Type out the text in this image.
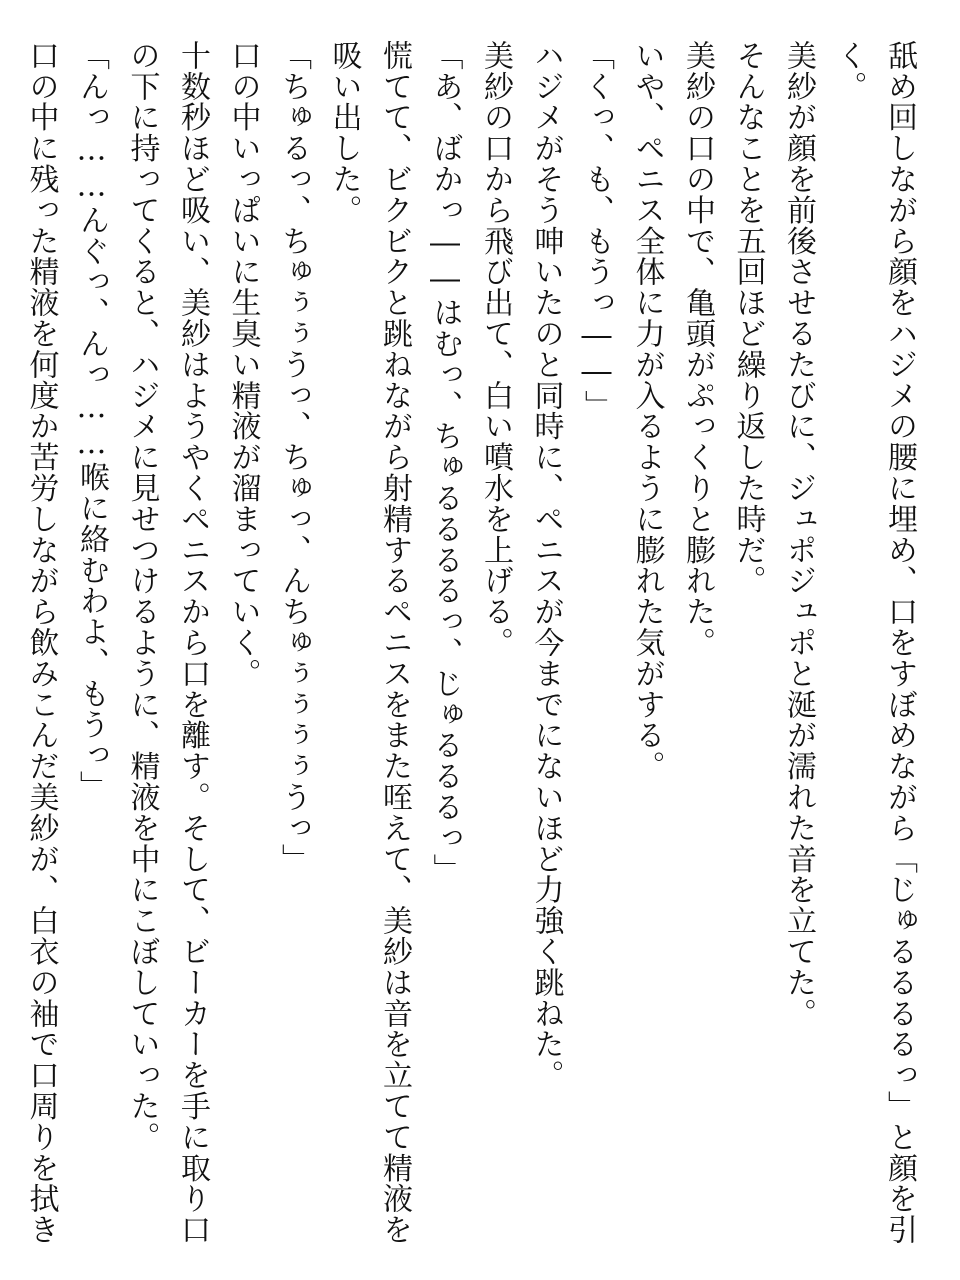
舐め回しながら顔をハジメの腰に埋め、口をすぼめながら「じゅるるるるっ」と顔を引
く。
美紗が顔を前後させるたびに、ジュポジュポと涎が濡れた音を立てた。
そんなことを五回ほど繰り返した時だ。
美紗の口の中で、亀頭がぷっくりと膨れた。
いや、ペニス全体に力が入るように膨れた気がする。
「くっ、も、もうっ――」
ハジメがそう呻いたのと同時に、ペニスが今までにないほど力強く跳ねた。
美紗の口から飛び出て、白い噴水を上げる。
「あ、ばかっ――はむっ、ちゅるるるるっ、じゅるるるっ」
慌てて、ビクビクと跳ねながら射精するペニスをまた咥えて、美紗は音を立てて精液を
吸い出した。
「ちゅるっ、ちゅぅぅうっ、ちゅっ、んちゅぅぅぅぅうっ」
口の中いっぱいに生臭い精液が溜まっていく。
十数秒ほど吸い、美紗はようやくペニスから口を離す。そして、ビーカーを手に取り口
の下に持ってくると、ハジメに見せつけるように、精液を中にこぼしていった。
「んっ……んぐっ、んっ……喉に絡むわよ、もうっ」
口の中に残った精液を何度か苦労しながら飲みこんだ美紗が、白衣の袖で口周りを拭き
